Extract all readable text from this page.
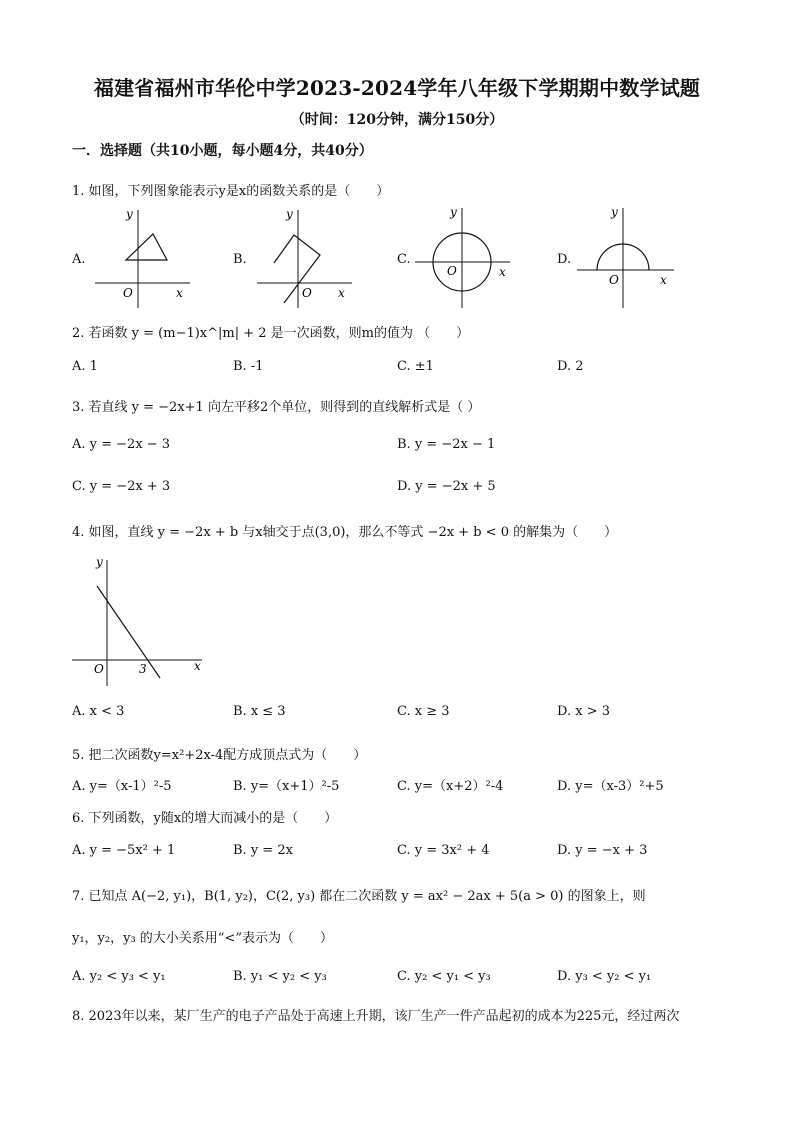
福建省福州市华伦中学2023-2024学年八年级下学期期中数学试题
（时间：120分钟，满分150分）
一．选择题（共10小题，每小题4分，共40分）
1. 如图，下列图象能表示y是x的函数关系的是（　　）
A.
y
O	x
B.
y
O x
C.
y
O	x
D.
y
O	x
2. 若函数 y = (m−1)x^|m| + 2 是一次函数，则m的值为 （　　）
A. 1	B. -1	C. ±1	D. 2
3. 若直线 y = −2x+1 向左平移2个单位，则得到的直线解析式是（ ）
A. y = −2x − 3	B. y = −2x − 1
C. y = −2x + 3	D. y = −2x + 5
4. 如图，直线 y = −2x + b 与x轴交于点(3,0)，那么不等式 −2x + b < 0 的解集为（　　）
y
O	3	x
A. x < 3	B. x ≤ 3	C. x ≥ 3	D. x > 3
5. 把二次函数y=x²+2x-4配方成顶点式为（　　）
A. y=（x-1）²-5	B. y=（x+1）²-5	C. y=（x+2）²-4	D. y=（x-3）²+5
6. 下列函数，y随x的增大而减小的是（　　）
A. y = −5x² + 1	B. y = 2x	C. y = 3x² + 4	D. y = −x + 3
7. 已知点 A(−2, y₁)，B(1, y₂)，C(2, y₃) 都在二次函数 y = ax² − 2ax + 5(a > 0) 的图象上，则
y₁，y₂，y₃ 的大小关系用“<”表示为（　　）
A. y₂ < y₃ < y₁	B. y₁ < y₂ < y₃	C. y₂ < y₁ < y₃	D. y₃ < y₂ < y₁
8. 2023年以来，某厂生产的电子产品处于高速上升期，该厂生产一件产品起初的成本为225元，经过两次
